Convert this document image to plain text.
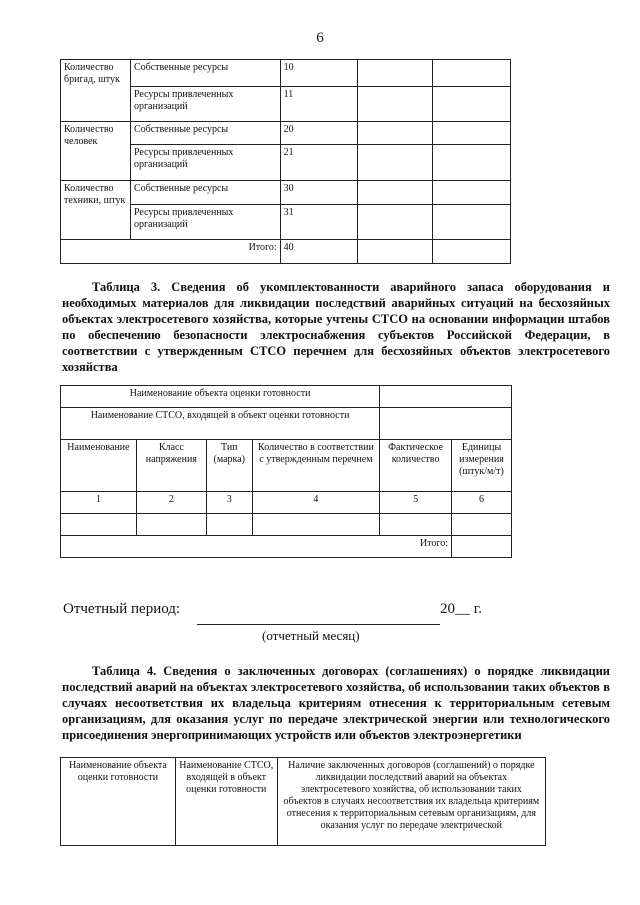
6
Количество бригад, штук	Собственные ресурсы	10		
	Ресурсы привлеченных организаций	11		
Количество человек	Собственные ресурсы	20		
	Ресурсы привлеченных организаций	21		
Количество техники, штук	Собственные ресурсы	30		
	Ресурсы привлеченных организаций	31		
Итого:		40		
Таблица 3. Сведения об укомплектованности аварийного запаса оборудования и необходимых материалов для ликвидации последствий аварийных ситуаций на бесхозяйных объектах электросетевого хозяйства, которые учтены СТСО на основании информации штабов по обеспечению безопасности электроснабжения субъектов Российской Федерации, в соответствии с утвержденным СТСО перечнем для бесхозяйных объектов электросетевого хозяйства
Наименование объекта оценки готовности					
Наименование СТСО, входящей в объект оценки готовности					
Наименование	Класс напряжения	Тип (марка)	Количество в соответствии с утвержденным перечнем	Фактическое количество	Единицы измерения (штук/м/т)
1	2	3	4	5	6

Итого:					
Отчетный период:	20__ г.
(отчетный месяц)
Таблица 4. Сведения о заключенных договорах (соглашениях) о порядке ликвидации последствий аварий на объектах электросетевого хозяйства, об использовании таких объектов в случаях несоответствия их владельца критериям отнесения к территориальным сетевым организациям, для оказания услуг по передаче электрической энергии или технологического присоединения энергопринимающих устройств или объектов электроэнергетики
Наименование объекта оценки готовности	Наименование СТСО, входящей в объект оценки готовности	Наличие заключенных договоров (соглашений) о порядке ликвидации последствий аварий на объектах электросетевого хозяйства, об использовании таких объектов в случаях несоответствия их владельца критериям отнесения к территориальным сетевым организациям, для оказания услуг по передаче электрической
